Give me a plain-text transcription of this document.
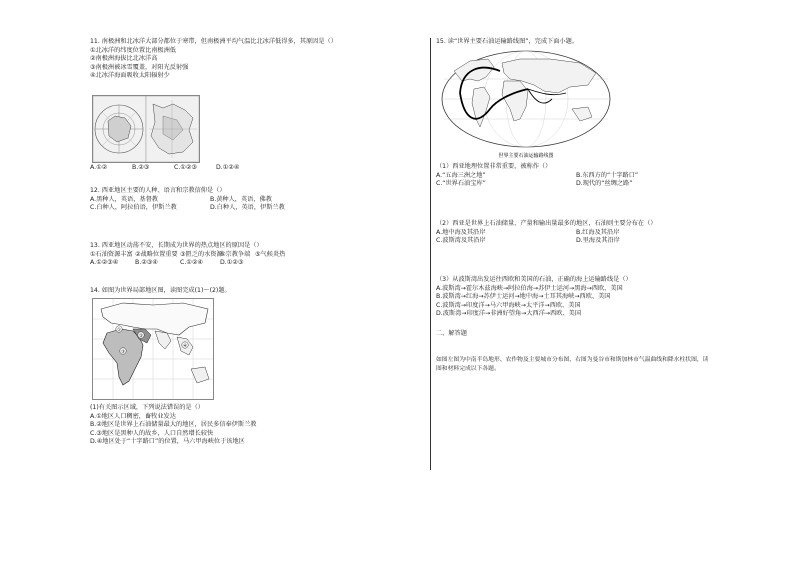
11. 南极洲和北冰洋大部分都位于寒带，但南极洲平均气温比北冰洋低得多，其原因是（）
①北冰洋的纬度位置比南极洲低
②南极洲海拔比北冰洋高
③南极洲被冰雪覆盖，对阳光反射强
④北冰洋海面吸收太阳辐射少
A.①②	B.②③	C.①②③	D.①②④
12. 西亚地区主要的人种、语言和宗教信仰是（）
A.黑种人，英语，基督教	B.黄种人，英语，佛教
C.白种人，阿拉伯语，伊斯兰教	D.白种人，英语，伊斯兰教
13. 西亚地区动荡不安，长期成为世界的热点地区的原因是（）
①石油资源丰富 ②战略位置重要 ③匮乏的水资源
④宗教争端 ⑤气候炎热
A.①②③④	B.②③④	C.①②④	D.①②③
14. 如图为世界局部地区图，读图完成(1)～(2)题。
①
②
③
④
(1)有关图示区域，下列说法错误的是（）
A.①地区人口稠密，畜牧业发达
B.②地区是世界上石油储量最大的地区，居民多信奉伊斯兰教
C.③地区是黑种人的故乡，人口自然增长较快
D.④地区处于“十字路口”的位置，马六甲海峡位于该地区
15. 读“世界主要石油运输路线图”，完成下面小题。
世界主要石油运输路线图
（1）西亚地理位置非常重要，被称作（）
A.“五海三洲之地”	B.东西方的“十字路口”
C.“世界石油宝库”	D.现代的“丝绸之路”
（2）西亚是世界上石油储量、产量和输出量最多的地区，石油则主要分布在（）
A.地中海及其沿岸	B.红海及其沿岸
C.波斯湾及其沿岸	D.里海及其沿岸
（3）从波斯湾出发运往西欧和美国的石油，正确的海上运输路线是（）
A.波斯湾→霍尔木兹海峡→阿拉伯海→苏伊士运河→黑海→西欧、美国
B.波斯湾→红海→苏伊士运河→地中海→土耳其海峡→西欧、美国
C.波斯湾→印度洋→马六甲海峡→太平洋→西欧、美国
D.波斯湾→印度洋→非洲好望角→大西洋→西欧、美国
二、解答题
如图左图为中南半岛地形、农作物及主要城市分布图，右图为曼谷市和斯加林市气温曲线和降水柱状图，读
图和材料完成以下各题。
